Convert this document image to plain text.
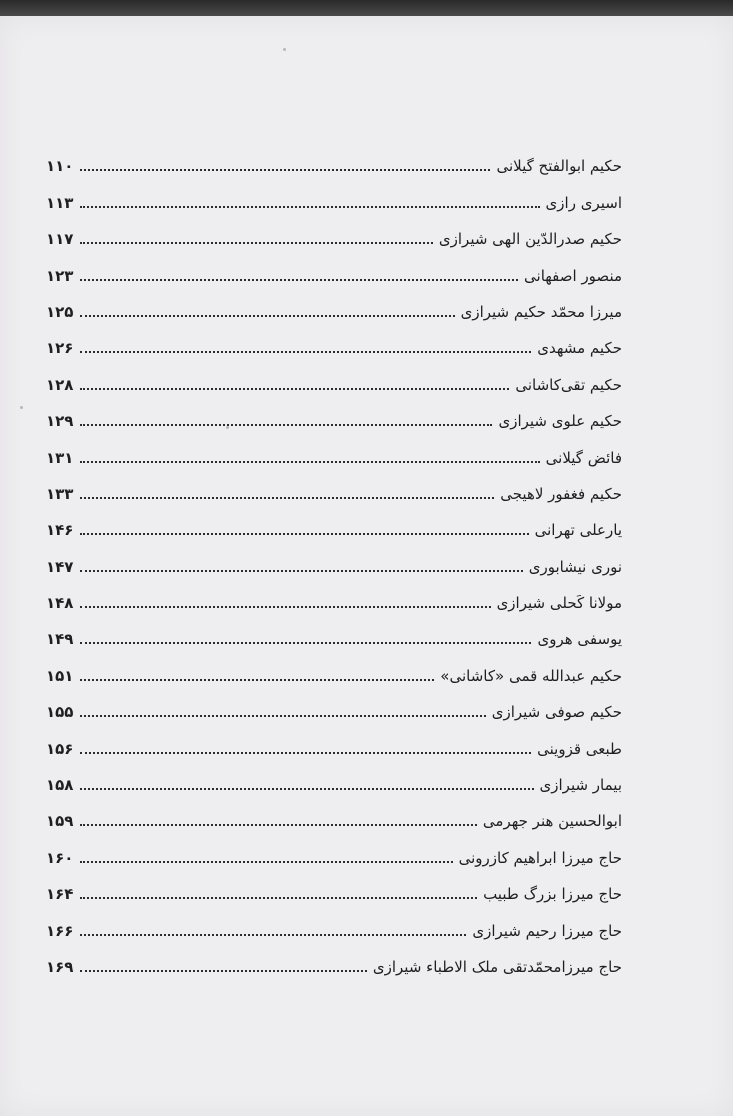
حکیم ابوالفتح گیلانی
۱۱۰
اسیری رازی
۱۱۳
حکیم صدرالدّین الهی شیرازی
۱۱۷
منصور اصفهانی
۱۲۳
میرزا محمّد حکیم شیرازی
۱۲۵
حکیم مشهدی
۱۲۶
حکیم تقی‌کاشانی
۱۲۸
حکیم علوی شیرازی
۱۲۹
فائض گیلانی
۱۳۱
حکیم فغفور لاهیجی
۱۳۳
یارعلی تهرانی
۱۴۶
نوری نیشابوری
۱۴۷
مولانا کَحلی شیرازی
۱۴۸
یوسفی هروی
۱۴۹
حکیم عبدالله قمی «کاشانی»
۱۵۱
حکیم صوفی شیرازی
۱۵۵
طبعی قزوینی
۱۵۶
بیمار شیرازی
۱۵۸
ابوالحسین هنر جهرمی
۱۵۹
حاج میرزا ابراهیم کازرونی
۱۶۰
حاج میرزا بزرگ طبیب
۱۶۴
حاج میرزا رحیم شیرازی
۱۶۶
حاج میرزامحمّدتقی ملک الاطباء شیرازی
۱۶۹
